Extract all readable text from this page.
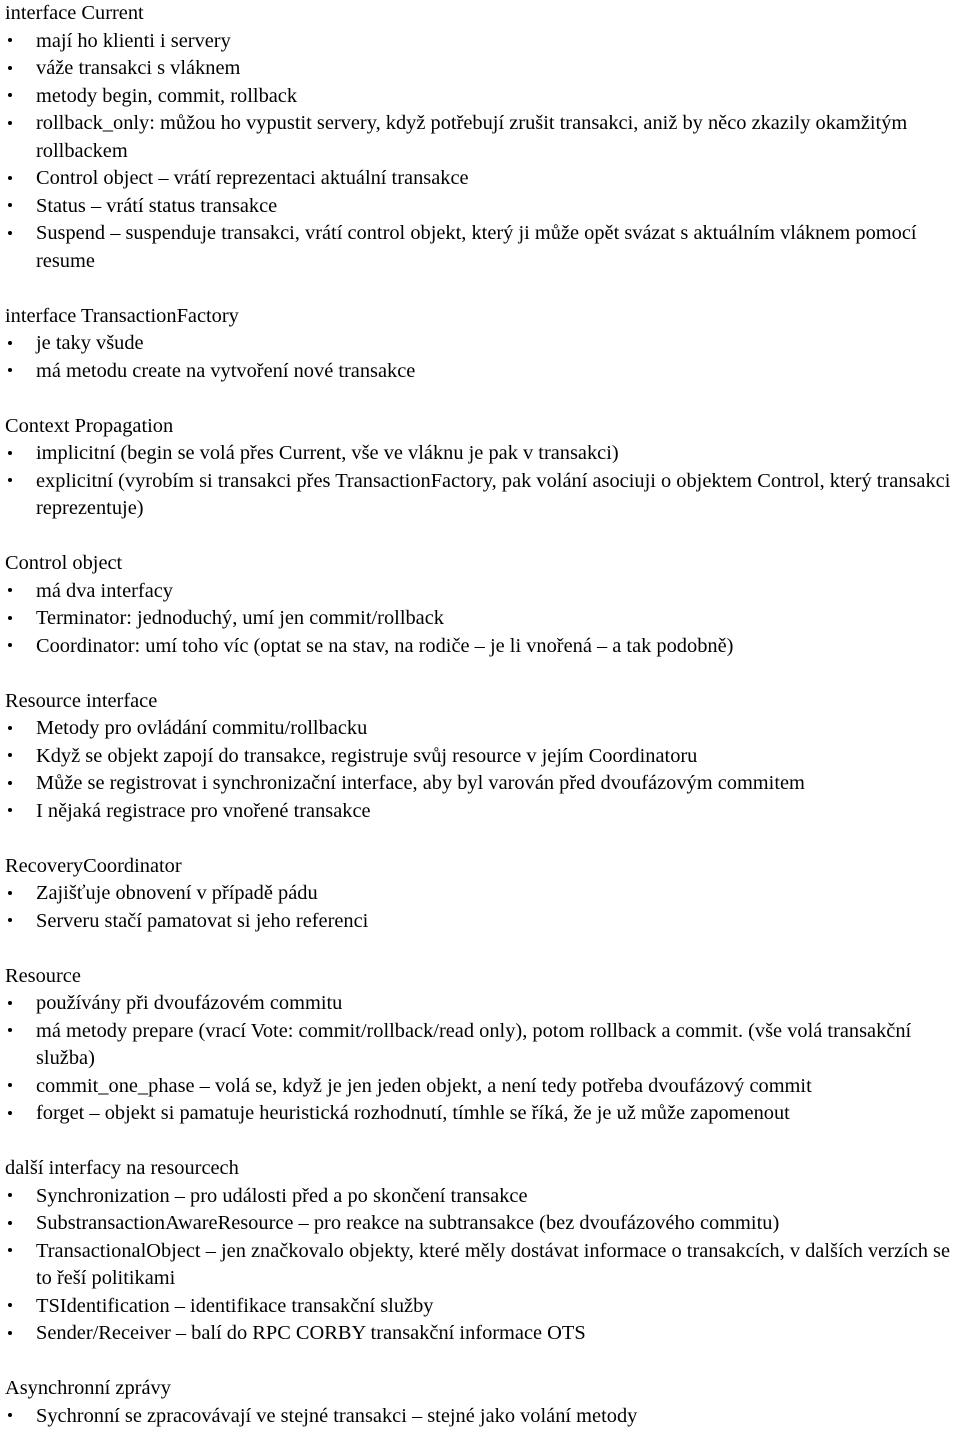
interface Current
mají ho klienti i servery
váže transakci s vláknem
metody begin, commit, rollback
rollback_only: můžou ho vypustit servery, když potřebují zrušit transakci, aniž by něco zkazily okamžitým rollbackem
Control object – vrátí reprezentaci aktuální transakce
Status – vrátí status transakce
Suspend – suspenduje transakci, vrátí control objekt, který ji může opět svázat s aktuálním vláknem pomocí resume
interface TransactionFactory
je taky všude
má metodu create na vytvoření nové transakce
Context Propagation
implicitní (begin se volá přes Current, vše ve vláknu je pak v transakci)
explicitní (vyrobím si transakci přes TransactionFactory, pak volání asociuji o objektem Control, který transakci reprezentuje)
Control object
má dva interfacy
Terminator: jednoduchý, umí jen commit/rollback
Coordinator: umí toho víc (optat se na stav, na rodiče – je li vnořená – a tak podobně)
Resource interface
Metody pro ovládání commitu/rollbacku
Když se objekt zapojí do transakce, registruje svůj resource v jejím Coordinatoru
Může se registrovat i synchronizační interface, aby byl varován před dvoufázovým commitem
I nějaká registrace pro vnořené transakce
RecoveryCoordinator
Zajišťuje obnovení v případě pádu
Serveru stačí pamatovat si jeho referenci
Resource
používány při dvoufázovém commitu
má metody prepare (vrací Vote: commit/rollback/read only), potom rollback a commit. (vše volá transakční služba)
commit_one_phase – volá se, když je jen jeden objekt, a není tedy potřeba dvoufázový commit
forget – objekt si pamatuje heuristická rozhodnutí, tímhle se říká, že je už může zapomenout
další interfacy na resourcech
Synchronization – pro události před a po skončení transakce
SubstransactionAwareResource – pro reakce na subtransakce (bez dvoufázového commitu)
TransactionalObject – jen značkovalo objekty, které měly dostávat informace o transakcích, v dalších verzích se to řeší politikami
TSIdentification – identifikace transakční služby
Sender/Receiver – balí do RPC CORBY transakční informace OTS
Asynchronní zprávy
Sychronní se zpracovávají ve stejné transakci – stejné jako volání metody
